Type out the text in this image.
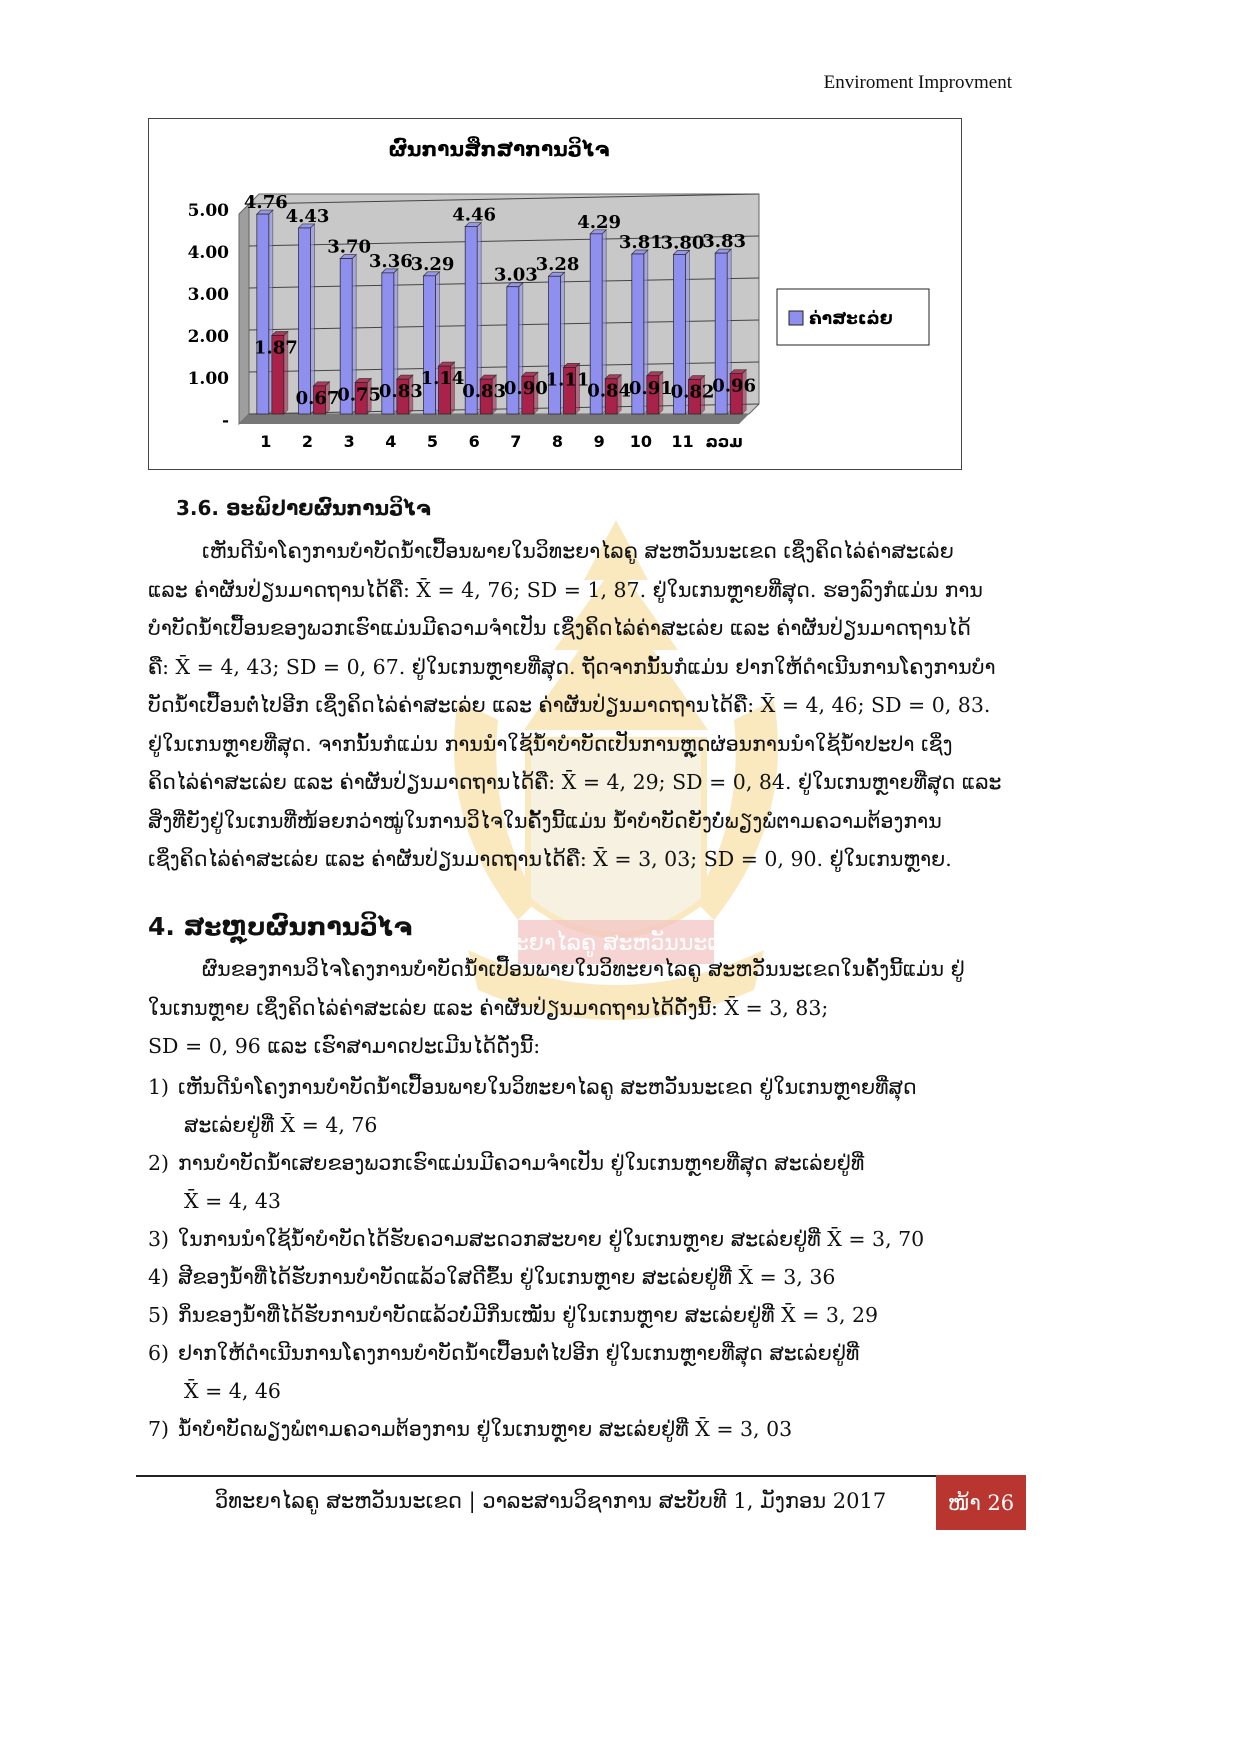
Enviroment Improvment
ວິທະຍາໄລຄູ ສະຫວັນນະເຂດ
ຜົນການສຶກສາການວິໄຈ
5.00
4.00
3.00
2.00
1.00
-
4.76
1.87
1
4.43
0.67
2
3.70
0.75
3
3.36
0.83
4
3.29
1.14
5
4.46
0.83
6
3.03
0.90
7
3.28
1.11
8
4.29
0.84
9
3.81
0.91
10
3.80
0.82
11
3.83
0.96
ລວມ
ຄ່າສະເລ່ຍ
3.6. ອະພິປາຍຜົນການວິໄຈ
ເຫັນດີນຳໂຄງການບຳບັດນ້ຳເປື້ອນພາຍໃນວິທະຍາໄລຄູ ສະຫວັນນະເຂດ ເຊິ່ງຄິດໄລ່ຄ່າສະເລ່ຍ
ແລະ ຄ່າຜັນປ່ຽນມາດຖານໄດ້ຄື: X̄ = 4, 76; SD = 1, 87. ຢູ່ໃນເກນຫຼາຍທີ່ສຸດ. ຮອງລົງກໍແມ່ນ ການ
ບຳບັດນ້ຳເປື້ອນຂອງພວກເຮົາແມ່ນມີຄວາມຈຳເປັນ ເຊິ່ງຄິດໄລ່ຄ່າສະເລ່ຍ ແລະ ຄ່າຜັນປ່ຽນມາດຖານໄດ້
ຄື: X̄ = 4, 43; SD = 0, 67. ຢູ່ໃນເກນຫຼາຍທີ່ສຸດ. ຖັດຈາກນັ້ນກໍແມ່ນ ຢາກໃຫ້ດຳເນີນການໂຄງການບຳ
ບັດນ້ຳເປື້ອນຕໍ່ໄປອີກ ເຊິ່ງຄິດໄລ່ຄ່າສະເລ່ຍ ແລະ ຄ່າຜັນປ່ຽນມາດຖານໄດ້ຄື: X̄ = 4, 46; SD = 0, 83.
ຢູ່ໃນເກນຫຼາຍທີ່ສຸດ. ຈາກນັ້ນກໍແມ່ນ ການນຳໃຊ້ນ້ຳບຳບັດເປັນການຫຼຸດຜ່ອນການນຳໃຊ້ນ້ຳປະປາ ເຊິ່ງ
ຄິດໄລ່ຄ່າສະເລ່ຍ ແລະ ຄ່າຜັນປ່ຽນມາດຖານໄດ້ຄື: X̄ = 4, 29; SD = 0, 84. ຢູ່ໃນເກນຫຼາຍທີ່ສຸດ ແລະ
ສິ່ງທີ່ຍັງຢູ່ໃນເກນທີ່ໜ້ອຍກວ່າໝູ່ໃນການວິໄຈໃນຄັ້ງນີ້ແມ່ນ ນ້ຳບຳບັດຍັງບໍ່ພຽງພໍຕາມຄວາມຕ້ອງການ
ເຊິ່ງຄິດໄລ່ຄ່າສະເລ່ຍ ແລະ ຄ່າຜັນປ່ຽນມາດຖານໄດ້ຄື: X̄ = 3, 03; SD = 0, 90. ຢູ່ໃນເກນຫຼາຍ.
4. ສະຫຼຸບຜົນການວິໄຈ
ຜົນຂອງການວິໄຈໂຄງການບຳບັດນ້ຳເປື້ອນພາຍໃນວິທະຍາໄລຄູ ສະຫວັນນະເຂດໃນຄັ້ງນີ້ແມ່ນ ຢູ່
ໃນເກນຫຼາຍ ເຊິ່ງຄິດໄລ່ຄ່າສະເລ່ຍ ແລະ ຄ່າຜັນປ່ຽນມາດຖານໄດ້ດັ່ງນີ້: X̄ = 3, 83;
SD = 0, 96 ແລະ ເຮົາສາມາດປະເມີນໄດ້ດັ່ງນີ້:
1) ເຫັນດີນຳໂຄງການບຳບັດນ້ຳເປື້ອນພາຍໃນວິທະຍາໄລຄູ ສະຫວັນນະເຂດ ຢູ່ໃນເກນຫຼາຍທີ່ສຸດ
ສະເລ່ຍຢູ່ທີ່ X̄ = 4, 76
2) ການບຳບັດນ້ຳເສຍຂອງພວກເຮົາແມ່ນມີຄວາມຈຳເປັນ ຢູ່ໃນເກນຫຼາຍທີ່ສຸດ ສະເລ່ຍຢູ່ທີ່
X̄ = 4, 43
3) ໃນການນຳໃຊ້ນ້ຳບຳບັດໄດ້ຮັບຄວາມສະດວກສະບາຍ ຢູ່ໃນເກນຫຼາຍ ສະເລ່ຍຢູ່ທີ່ X̄ = 3, 70
4) ສີຂອງນ້ຳທີ່ໄດ້ຮັບການບຳບັດແລ້ວໃສດີຂຶ້ນ ຢູ່ໃນເກນຫຼາຍ ສະເລ່ຍຢູ່ທີ່ X̄ = 3, 36
5) ກິ່ນຂອງນ້ຳທີ່ໄດ້ຮັບການບຳບັດແລ້ວບໍ່ມີກິ່ນເໝັນ ຢູ່ໃນເກນຫຼາຍ ສະເລ່ຍຢູ່ທີ່ X̄ = 3, 29
6) ຢາກໃຫ້ດຳເນີນການໂຄງການບຳບັດນ້ຳເປື້ອນຕໍ່ໄປອີກ ຢູ່ໃນເກນຫຼາຍທີ່ສຸດ ສະເລ່ຍຢູ່ທີ່
X̄ = 4, 46
7) ນ້ຳບຳບັດພຽງພໍຕາມຄວາມຕ້ອງການ ຢູ່ໃນເກນຫຼາຍ ສະເລ່ຍຢູ່ທີ່ X̄ = 3, 03
ວິທະຍາໄລຄູ ສະຫວັນນະເຂດ | ວາລະສານວິຊາການ ສະບັບທີ 1, ມັງກອນ 2017	ໜ້າ 26
